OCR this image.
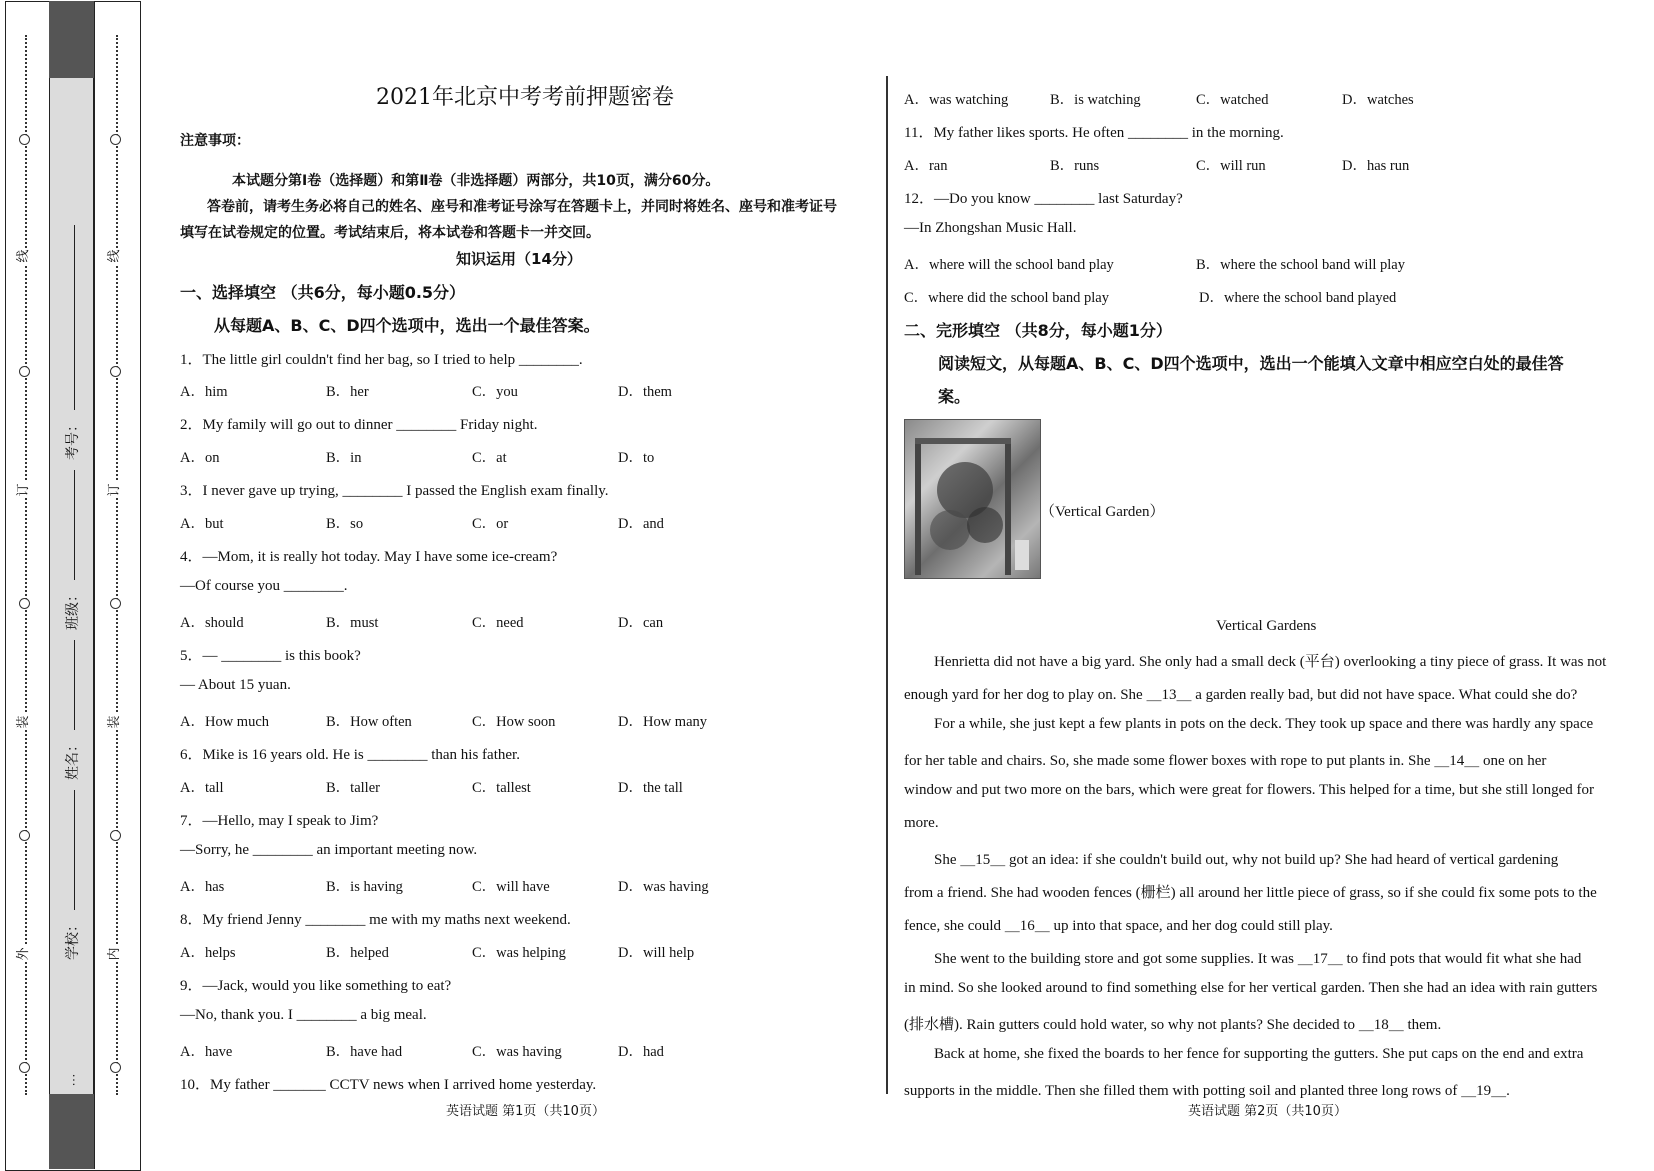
线
订
装
外
线
订
装
内
考号：
班级：
姓名：
学校：
…
2021年北京中考考前押题密卷
注意事项：
本试题分第Ⅰ卷（选择题）和第Ⅱ卷（非选择题）两部分，共10页，满分60分。
答卷前，请考生务必将自己的姓名、座号和准考证号涂写在答题卡上，并同时将姓名、座号和准考证号
填写在试卷规定的位置。考试结束后，将本试卷和答题卡一并交回。
知识运用（14分）
一、选择填空 （共6分，每小题0.5分）
从每题A、B、C、D四个选项中，选出一个最佳答案。
1．The little girl couldn't find her bag, so I tried to help ________.
A．him	B．her	C．you	D．them
2．My family will go out to dinner ________ Friday night.
A．on	B．in	C．at	D．to
3．I never gave up trying, ________ I passed the English exam finally.
A．but	B．so	C．or	D．and
4．—Mom, it is really hot today. May I have some ice-cream?
—Of course you ________.
A．should	B．must	C．need	D．can
5．— ________ is this book?
— About 15 yuan.
A．How much	B．How often	C．How soon	D．How many
6．Mike is 16 years old. He is ________ than his father.
A．tall	B．taller	C．tallest	D．the tall
7．—Hello, may I speak to Jim?
—Sorry, he ________ an important meeting now.
A．has	B．is having	C．will have	D．was having
8．My friend Jenny ________ me with my maths next weekend.
A．helps	B．helped	C．was helping	D．will help
9．—Jack, would you like something to eat?
—No, thank you. I ________ a big meal.
A．have	B．have had	C．was having	D．had
10．My father _______ CCTV news when I arrived home yesterday.
英语试题 第1页（共10页）
A．was watching	B．is watching	C．watched	D．watches
11．My father likes sports. He often ________ in the morning.
A．ran	B．runs	C．will run	D．has run
12．—Do you know ________ last Saturday?
—In Zhongshan Music Hall.
A．where will the school band play	B．where the school band will play
C．where did the school band play	D．where the school band played
二、完形填空 （共8分，每小题1分）
阅读短文，从每题A、B、C、D四个选项中，选出一个能填入文章中相应空白处的最佳答
案。
（Vertical Garden）
Vertical Gardens
Henrietta did not have a big yard. She only had a small deck (平台) overlooking a tiny piece of grass. It was not
enough yard for her dog to play on. She ＿13＿ a garden really bad, but did not have space. What could she do?
For a while, she just kept a few plants in pots on the deck. They took up space and there was hardly any space
for her table and chairs. So, she made some flower boxes with rope to put plants in. She ＿14＿ one on her
window and put two more on the bars, which were great for flowers. This helped for a time, but she still longed for
more.
She ＿15＿ got an idea: if she couldn't build out, why not build up? She had heard of vertical gardening
from a friend. She had wooden fences (栅栏) all around her little piece of grass, so if she could fix some pots to the
fence, she could ＿16＿ up into that space, and her dog could still play.
She went to the building store and got some supplies. It was ＿17＿ to find pots that would fit what she had
in mind. So she looked around to find something else for her vertical garden. Then she had an idea with rain gutters
(排水槽). Rain gutters could hold water, so why not plants? She decided to ＿18＿ them.
Back at home, she fixed the boards to her fence for supporting the gutters. She put caps on the end and extra
supports in the middle. Then she filled them with potting soil and planted three long rows of ＿19＿.
英语试题 第2页（共10页）
